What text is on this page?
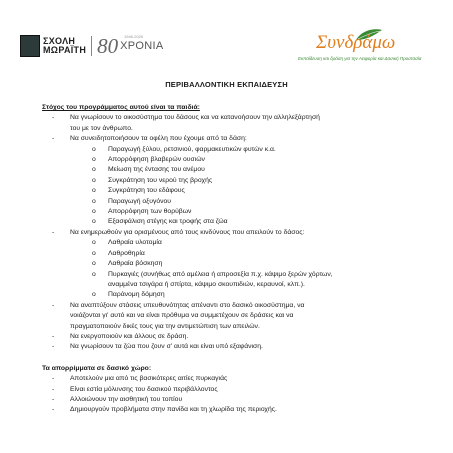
ΣΧΟΛΗ
ΜΩΡΑΪΤΗ 80 ΧΡΟΝΙΑ
1946-2026	Συνδράμω
Εκπαίδευση και δράση για την Αειφορία και Δασική Προστασία
ΠΕΡΙΒΑΛΛΟΝΤΙΚΗ ΕΚΠΑΙΔΕΥΣΗ
Στόχος του προγράμματος αυτού είναι τα παιδιά:
- Να γνωρίσουν το οικοσύστημα του δάσους και να κατανοήσουν την αλληλεξάρτησή
του με τον άνθρωπο.
- Να συνειδητοποιήσουν τα οφέλη που έχουμε από τα δάση:
o Παραγωγή ξύλου, ρετσινιού, φαρμακευτικών φυτών κ.α.
o Απορρόφηση βλαβερών ουσιών
o Μείωση της έντασης του ανέμου
o Συγκράτηση του νερού της βροχής
o Συγκράτηση του εδάφους
o Παραγωγή οξυγόνου
o Απορρόφηση των θορύβων
o Εξασφάλιση στέγης και τροφής στα ζώα
- Να ενημερωθούν για ορισμένους από τους κινδύνους που απειλούν το δάσος:
o Λαθραία υλοτομία
o Λαθροθηρία
o Λαθραία βόσκηση
o Πυρκαγιές (συνήθως από αμέλεια ή απροσεξία π.χ. κάψιμο ξερών χόρτων,
αναμμένα τσιγάρα ή σπίρτα, κάψιμο σκουπιδιών, κεραυνοί, κλπ.).
o Παράνομη δόμηση
- Να αναπτύξουν στάσεις υπευθυνότητας απέναντι στο δασικό οικοσύστημα, να
νοιάζονται γι' αυτό και να είναι πρόθυμα να συμμετέχουν σε δράσεις και να
πραγματοποιούν δικές τους για την αντιμετώπιση των απειλών.
- Να ενεργοποιούν και άλλους σε δράση.
- Να γνωρίσουν τα ζώα που ζουν σ' αυτά και είναι υπό εξαφάνιση.
Τα απορρίμματα σε δασικό χώρο:
- Αποτελούν μια από τις βασικότερες αιτίες πυρκαγιάς
- Είναι εστία μόλυνσης του δασικού περιβάλλοντος
- Αλλοιώνουν την αισθητική του τοπίου
- Δημιουργούν προβλήματα στην πανίδα και τη χλωρίδα της περιοχής.
